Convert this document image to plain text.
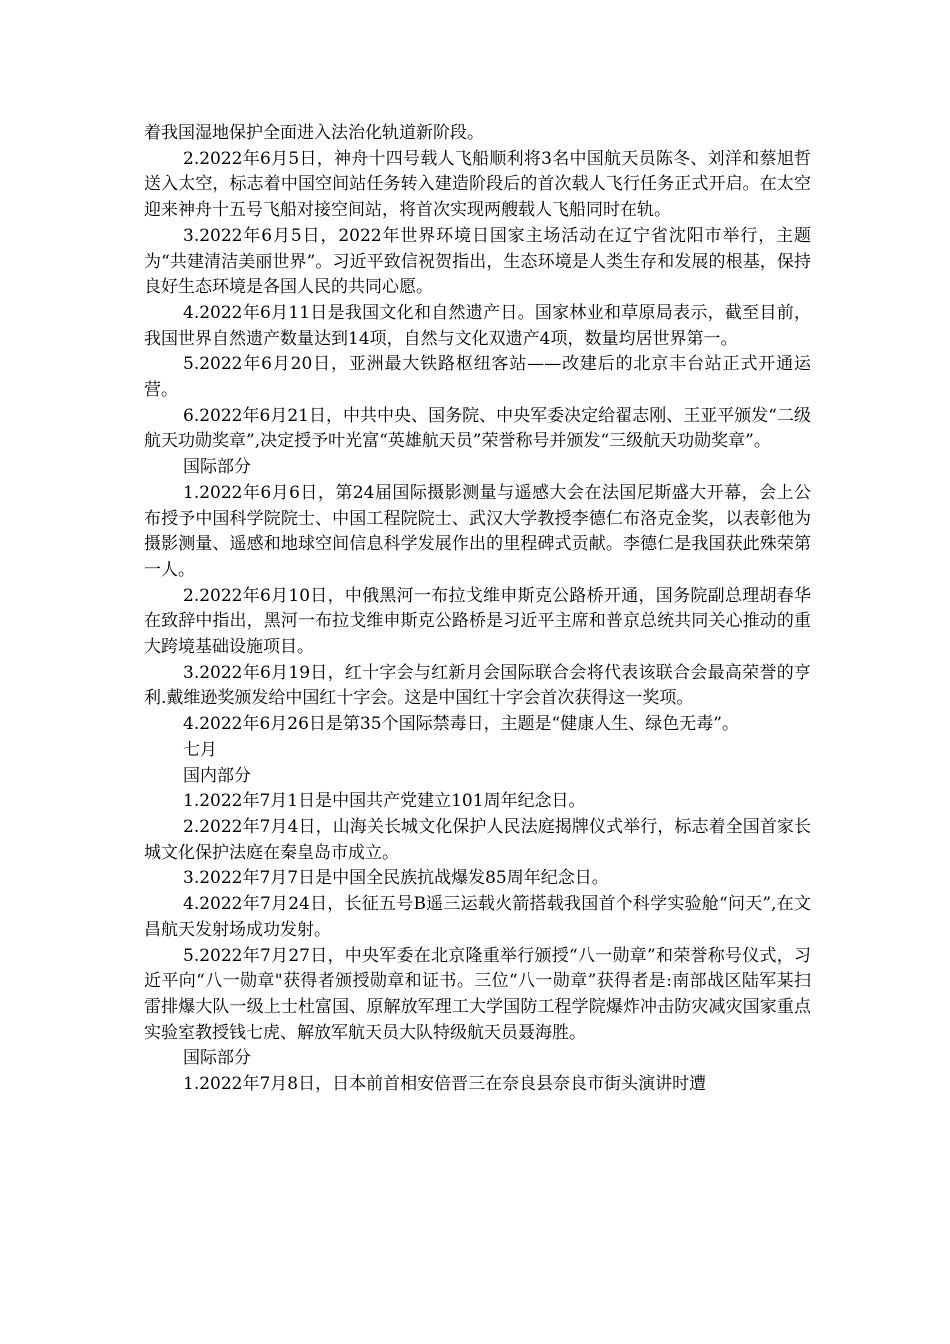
着我国湿地保护全面进入法治化轨道新阶段。

2.2022年6月5日，神舟十四号载人飞船顺利将3名中国航天员陈冬、刘洋和蔡旭哲送入太空，标志着中国空间站任务转入建造阶段后的首次载人飞行任务正式开启。在太空迎来神舟十五号飞船对接空间站，将首次实现两艘载人飞船同时在轨。

3.2022年6月5日，2022年世界环境日国家主场活动在辽宁省沈阳市举行，主题为“共建清洁美丽世界”。习近平致信祝贺指出，生态环境是人类生存和发展的根基，保持良好生态环境是各国人民的共同心愿。

4.2022年6月11日是我国文化和自然遗产日。国家林业和草原局表示，截至目前，我国世界自然遗产数量达到14项，自然与文化双遗产4项，数量均居世界第一。

5.2022年6月20日，亚洲最大铁路枢纽客站——改建后的北京丰台站正式开通运营。

6.2022年6月21日，中共中央、国务院、中央军委决定给翟志刚、王亚平颁发“二级航天功勋奖章”,决定授予叶光富“英雄航天员”荣誉称号并颁发“三级航天功勋奖章”。

国际部分

1.2022年6月6日，第24届国际摄影测量与遥感大会在法国尼斯盛大开幕，会上公布授予中国科学院院士、中国工程院院士、武汉大学教授李德仁布洛克金奖，以表彰他为摄影测量、遥感和地球空间信息科学发展作出的里程碑式贡献。李德仁是我国获此殊荣第一人。

2.2022年6月10日，中俄黑河一布拉戈维申斯克公路桥开通，国务院副总理胡春华在致辞中指出，黑河一布拉戈维申斯克公路桥是习近平主席和普京总统共同关心推动的重大跨境基础设施项目。

3.2022年6月19日，红十字会与红新月会国际联合会将代表该联合会最高荣誉的亨利.戴维逊奖颁发给中国红十字会。这是中国红十字会首次获得这一奖项。

4.2022年6月26日是第35个国际禁毒日，主题是“健康人生、绿色无毒”。

七月

国内部分

1.2022年7月1日是中国共产党建立101周年纪念日。

2.2022年7月4日，山海关长城文化保护人民法庭揭牌仪式举行，标志着全国首家长城文化保护法庭在秦皇岛市成立。

3.2022年7月7日是中国全民族抗战爆发85周年纪念日。

4.2022年7月24日，长征五号B遥三运载火箭搭载我国首个科学实验舱“问天”,在文昌航天发射场成功发射。

5.2022年7月27日，中央军委在北京隆重举行颁授“八一勋章”和荣誉称号仪式，习近平向“八一勋章"获得者颁授勋章和证书。三位“八一勋章”获得者是:南部战区陆军某扫雷排爆大队一级上士杜富国、原解放军理工大学国防工程学院爆炸冲击防灾减灾国家重点实验室教授钱七虎、解放军航天员大队特级航天员聂海胜。

国际部分

1.2022年7月8日，日本前首相安倍晋三在奈良县奈良市街头演讲时遭
